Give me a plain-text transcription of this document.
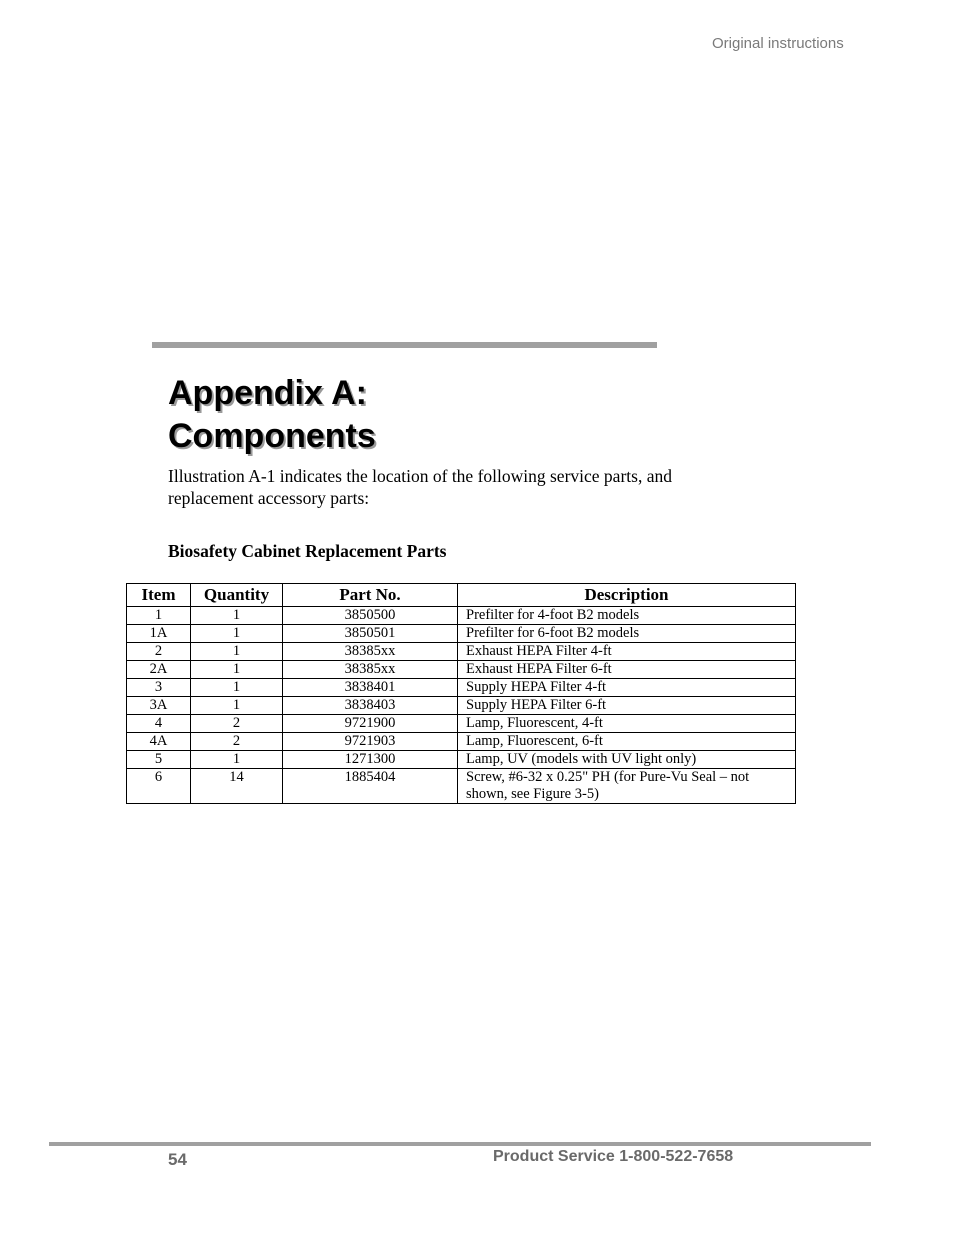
Original instructions
Appendix A:
Components

Illustration A-1 indicates the location of the following service parts, and
replacement accessory parts:

Biosafety Cabinet Replacement Parts

Item	Quantity	Part No.	Description
1	1	3850500	Prefilter for 4-foot B2 models
1A	1	3850501	Prefilter for 6-foot B2 models
2	1	38385xx	Exhaust HEPA Filter 4-ft
2A	1	38385xx	Exhaust HEPA Filter 6-ft
3	1	3838401	Supply HEPA Filter 4-ft
3A	1	3838403	Supply HEPA Filter 6-ft
4	2	9721900	Lamp, Fluorescent, 4-ft
4A	2	9721903	Lamp, Fluorescent, 6-ft
5	1	1271300	Lamp, UV (models with UV light only)
6	14	1885404	Screw, #6-32 x 0.25" PH (for Pure-Vu Seal – not shown, see Figure 3-5)
54	Product Service 1-800-522-7658
